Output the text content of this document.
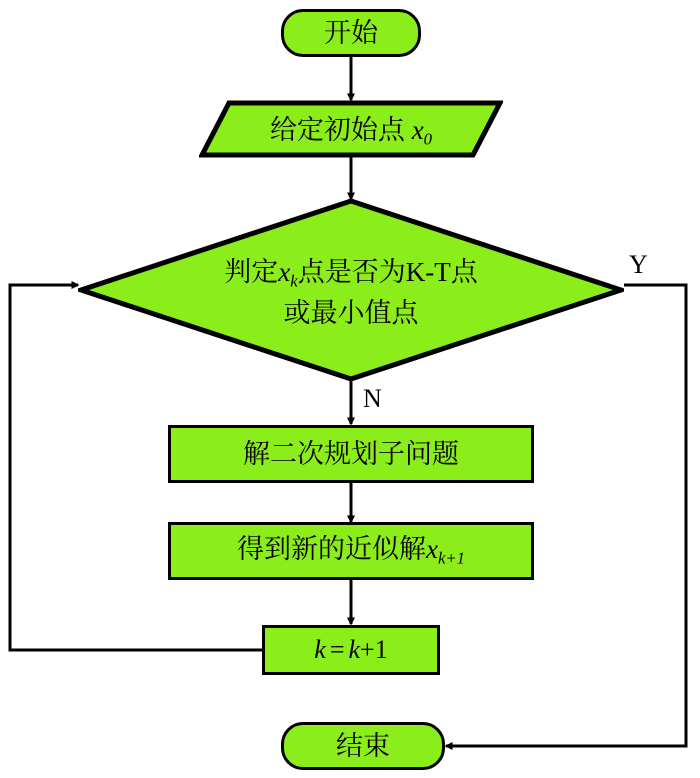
开始
给定初始点 $x_0$
判定$x_k$点是否为K-T点
或最小值点
Y
N
解二次规划子问题
得到新的近似解$x_{k+1}$
k = k+1
结束
